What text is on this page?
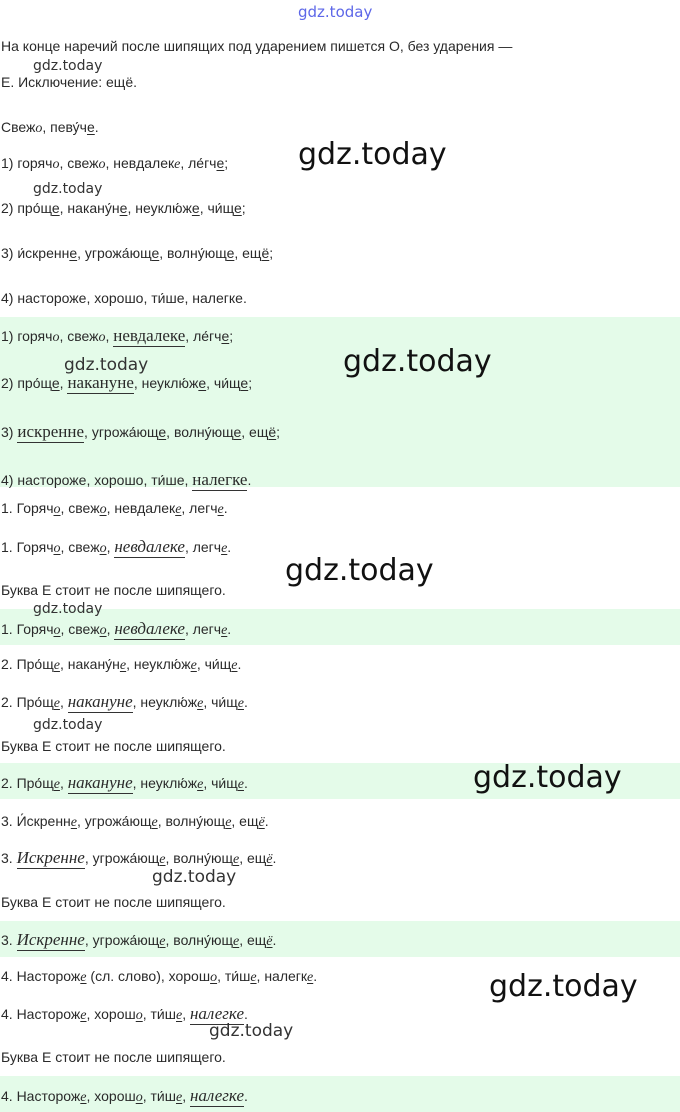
На конце наречий после шипящих под ударением пишется О, без ударения —
Е. Исключение: ещё.
Свежо, певу́че.
1) горячо, свежо, невдалеке, ле́гче;
2) про́ще, накану́не, неуклю́же, чи́ще;
3) и́скренне, угрожа́юще, волну́юще, ещё;
4) настороже, хорошо, ти́ше, налегке.
1) горячо, свежо, невдалеке, ле́гче;
2) про́ще, накануне, неуклю́же, чи́ще;
3) искренне, угрожа́юще, волну́юще, ещё;
4) настороже, хорошо, ти́ше, налегке.
1. Горячо, свежо, невдалеке, легче.
1. Горячо, свежо, невдалеке, легче.
Буква Е стоит не после шипящего.
1. Горячо, свежо, невдалеке, легче.
2. Про́ще, накану́не, неуклю́же, чи́ще.
2. Про́ще, накануне, неуклю́же, чи́ще.
Буква Е стоит не после шипящего.
2. Про́ще, накануне, неуклю́же, чи́ще.
3. И́скренне, угрожа́юще, волну́юще, ещё.
3. Искренне, угрожа́юще, волну́юще, ещё.
Буква Е стоит не после шипящего.
3. Искренне, угрожа́юще, волну́юще, ещё.
4. Настороже (сл. слово), хорошо, ти́ше, налегке.
4. Настороже, хорошо, ти́ше, налегке.
Буква Е стоит не после шипящего.
4. Настороже, хорошо, ти́ше, налегке.
gdz.today
gdz.today
gdz.today
gdz.today
gdz.today	gdz.today
gdz.today
gdz.today
gdz.today
gdz.today
gdz.today
gdz.today
gdz.today
